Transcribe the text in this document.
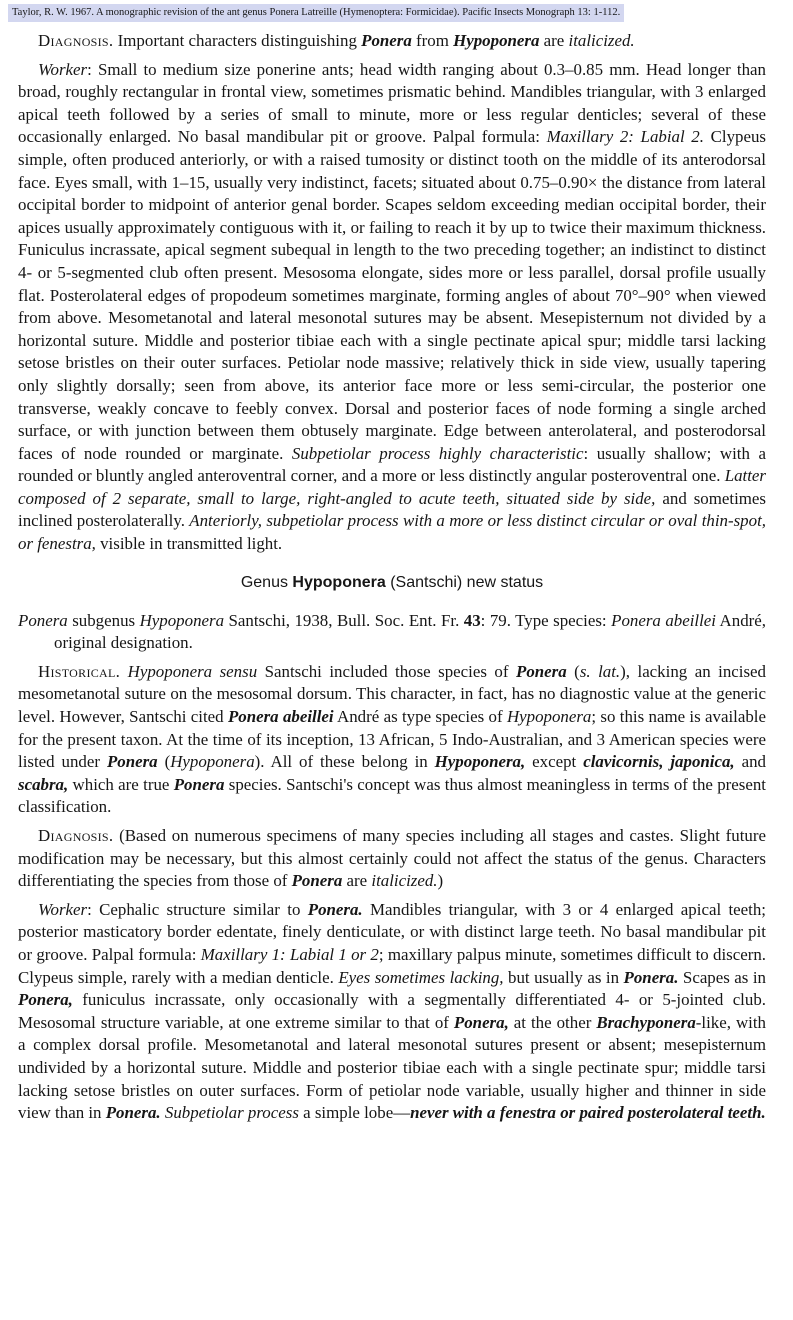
Taylor, R. W. 1967. A monographic revision of the ant genus Ponera Latreille (Hymenoptera: Formicidae). Pacific Insects Monograph 13: 1-112.

Diagnosis. Important characters distinguishing Ponera from Hypoponera are italicized.

Worker: Small to medium size ponerine ants; head width ranging about 0.3–0.85 mm. Head longer than broad, roughly rectangular in frontal view, sometimes prismatic behind. Mandibles triangular, with 3 enlarged apical teeth followed by a series of small to minute, more or less regular denticles; several of these occasionally enlarged. No basal mandibular pit or groove. Palpal formula: Maxillary 2: Labial 2. Clypeus simple, often produced anteriorly, or with a raised tumosity or distinct tooth on the middle of its anterodorsal face. Eyes small, with 1–15, usually very indistinct, facets; situated about 0.75–0.90× the distance from lateral occipital border to midpoint of anterior genal border. Scapes seldom exceeding median occipital border, their apices usually approximately contiguous with it, or failing to reach it by up to twice their maximum thickness. Funiculus incrassate, apical segment subequal in length to the two preceding together; an indistinct to distinct 4- or 5-segmented club often present. Mesosoma elongate, sides more or less parallel, dorsal profile usually flat. Posterolateral edges of propodeum sometimes marginate, forming angles of about 70°–90° when viewed from above. Mesometanotal and lateral mesonotal sutures may be absent. Mesepisternum not divided by a horizontal suture. Middle and posterior tibiae each with a single pectinate apical spur; middle tarsi lacking setose bristles on their outer surfaces. Petiolar node massive; relatively thick in side view, usually tapering only slightly dorsally; seen from above, its anterior face more or less semi-circular, the posterior one transverse, weakly concave to feebly convex. Dorsal and posterior faces of node forming a single arched surface, or with junction between them obtusely marginate. Edge between anterolateral, and posterodorsal faces of node rounded or marginate. Subpetiolar process highly characteristic: usually shallow; with a rounded or bluntly angled anteroventral corner, and a more or less distinctly angular posteroventral one. Latter composed of 2 separate, small to large, right-angled to acute teeth, situated side by side, and sometimes inclined posterolaterally. Anteriorly, subpetiolar process with a more or less distinct circular or oval thin-spot, or fenestra, visible in transmitted light.

Genus Hypoponera (Santschi) new status

Ponera subgenus Hypoponera Santschi, 1938, Bull. Soc. Ent. Fr. 43: 79. Type species: Ponera abeillei André, original designation.

Historical. Hypoponera sensu Santschi included those species of Ponera (s. lat.), lacking an incised mesometanotal suture on the mesosomal dorsum. This character, in fact, has no diagnostic value at the generic level. However, Santschi cited Ponera abeillei André as type species of Hypoponera; so this name is available for the present taxon. At the time of its inception, 13 African, 5 Indo-Australian, and 3 American species were listed under Ponera (Hypoponera). All of these belong in Hypoponera, except clavicornis, japonica, and scabra, which are true Ponera species. Santschi's concept was thus almost meaningless in terms of the present classification.

Diagnosis. (Based on numerous specimens of many species including all stages and castes. Slight future modification may be necessary, but this almost certainly could not affect the status of the genus. Characters differentiating the species from those of Ponera are italicized.)

Worker: Cephalic structure similar to Ponera. Mandibles triangular, with 3 or 4 enlarged apical teeth; posterior masticatory border edentate, finely denticulate, or with distinct large teeth. No basal mandibular pit or groove. Palpal formula: Maxillary 1: Labial 1 or 2; maxillary palpus minute, sometimes difficult to discern. Clypeus simple, rarely with a median denticle. Eyes sometimes lacking, but usually as in Ponera. Scapes as in Ponera, funiculus incrassate, only occasionally with a segmentally differentiated 4- or 5-jointed club. Mesosomal structure variable, at one extreme similar to that of Ponera, at the other Brachyponera-like, with a complex dorsal profile. Mesometanotal and lateral mesonotal sutures present or absent; mesepisternum undivided by a horizontal suture. Middle and posterior tibiae each with a single pectinate spur; middle tarsi lacking setose bristles on outer surfaces. Form of petiolar node variable, usually higher and thinner in side view than in Ponera. Subpetiolar process a simple lobe—never with a fenestra or paired posterolateral teeth.
